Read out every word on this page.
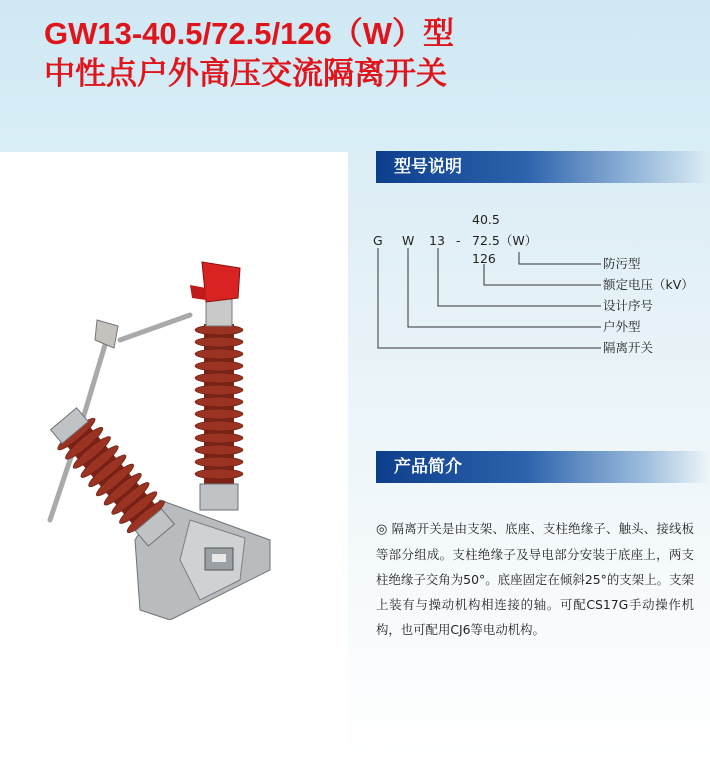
GW13-40.5/72.5/126（W）型
中性点户外高压交流隔离开关
型号说明
G W 13 -
40.5
72.5（W）
126	防污型
额定电压（kV）
设计序号
户外型
隔离开关
产品简介

◎ 隔离开关是由支架、底座、支柱绝缘子、触头、接线板等部分组成。支柱绝缘子及导电部分安装于底座上，两支柱绝缘子交角为50°。底座固定在倾斜25°的支架上。支架上装有与操动机构相连接的轴。可配CS17G手动操作机构，也可配用CJ6等电动机构。
